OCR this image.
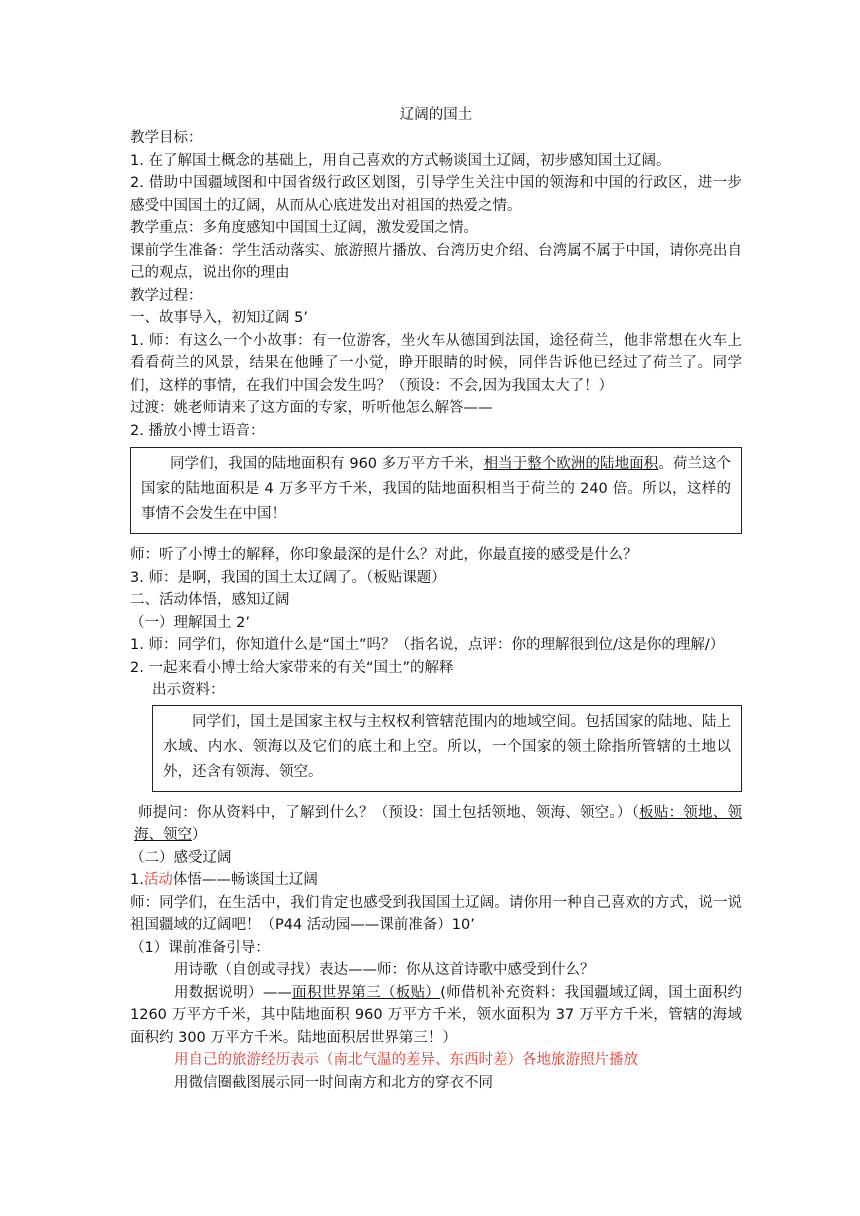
辽阔的国土

教学目标：

1. 在了解国土概念的基础上，用自己喜欢的方式畅谈国土辽阔，初步感知国土辽阔。

2. 借助中国疆域图和中国省级行政区划图，引导学生关注中国的领海和中国的行政区，进一步感受中国国土的辽阔，从而从心底进发出对祖国的热爱之情。

教学重点：多角度感知中国国土辽阔，激发爱国之情。

课前学生准备：学生活动落实、旅游照片播放、台湾历史介绍、台湾属不属于中国，请你亮出自己的观点，说出你的理由

教学过程：

一、故事导入，初知辽阔 5’

1. 师：有这么一个小故事：有一位游客，坐火车从德国到法国，途径荷兰，他非常想在火车上看看荷兰的风景，结果在他睡了一小觉，睁开眼睛的时候，同伴告诉他已经过了荷兰了。同学们，这样的事情，在我们中国会发生吗？（预设：不会,因为我国太大了！）

过渡：姚老师请来了这方面的专家，听听他怎么解答——

2. 播放小博士语音：

同学们，我国的陆地面积有 960 多万平方千米，相当于整个欧洲的陆地面积。荷兰这个国家的陆地面积是 4 万多平方千米，我国的陆地面积相当于荷兰的 240 倍。所以，这样的事情不会发生在中国！

师：听了小博士的解释，你印象最深的是什么？对此，你最直接的感受是什么？

3. 师：是啊，我国的国土太辽阔了。（板贴课题）

二、活动体悟，感知辽阔

（一）理解国土 2’

1. 师：同学们，你知道什么是“国土”吗？（指名说，点评：你的理解很到位/这是你的理解/）

2. 一起来看小博士给大家带来的有关“国土”的解释

出示资料：

同学们，国土是国家主权与主权权利管辖范围内的地域空间。包括国家的陆地、陆上水域、内水、领海以及它们的底土和上空。所以，一个国家的领土除指所管辖的土地以外，还含有领海、领空。

师提问：你从资料中，了解到什么？（预设：国土包括领地、领海、领空。）（板贴：领地、领海、领空）

（二）感受辽阔

1.活动体悟——畅谈国土辽阔

师：同学们，在生活中，我们肯定也感受到我国国土辽阔。请你用一种自己喜欢的方式，说一说祖国疆域的辽阔吧！（P44 活动园——课前准备）10’

（1）课前准备引导：

用诗歌（自创或寻找）表达——师：你从这首诗歌中感受到什么？

用数据说明）——面积世界第三（板贴）(师借机补充资料：我国疆域辽阔，国土面积约 1260 万平方千米，其中陆地面积 960 万平方千米，领水面积为 37 万平方千米，管辖的海域面积约 300 万平方千米。陆地面积居世界第三！）

用自己的旅游经历表示（南北气温的差异、东西时差）各地旅游照片播放

用微信圈截图展示同一时间南方和北方的穿衣不同
